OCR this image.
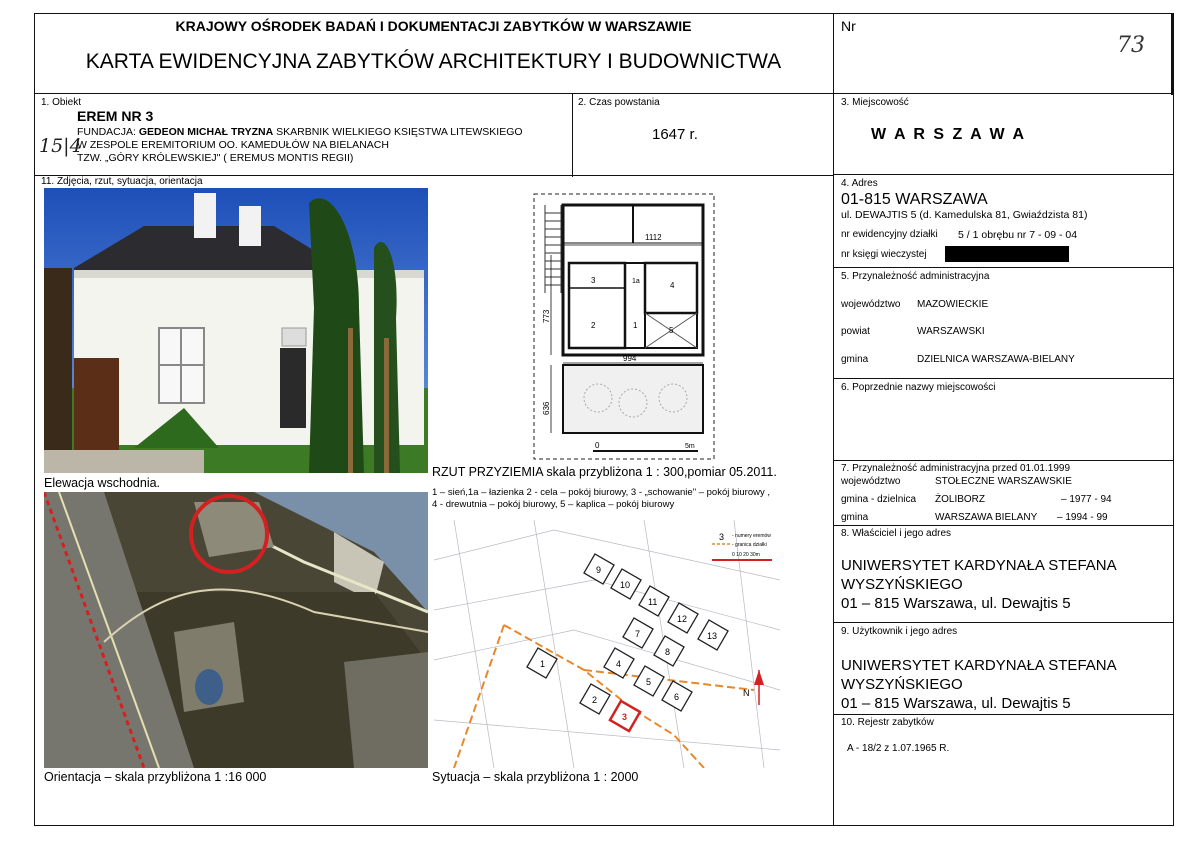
KRAJOWY OŚRODEK BADAŃ I DOKUMENTACJI ZABYTKÓW W WARSZAWIE
KARTA EWIDENCYJNA ZABYTKÓW ARCHITEKTURY I BUDOWNICTWA
Nr
73
1. Obiekt
EREM NR 3
15|4
FUNDACJA: GEDEON MICHAŁ TRYZNA SKARBNIK WIELKIEGO KSIĘSTWA LITEWSKIEGO
W ZESPOLE EREMITORIUM OO. KAMEDUŁÓW NA BIELANACH
TZW. „GÓRY KRÓLEWSKIEJ" ( EREMUS MONTIS REGII)
2. Czas powstania
1647 r.
3. Miejscowość
W A R S Z A W A
4. Adres
01-815 WARSZAWA
ul. DEWAJTIS 5 (d. Kamedulska 81, Gwiaździsta 81)
nr ewidencyjny działki 5 / 1 obrębu nr 7 - 09 - 04
nr księgi wieczystej
5. Przynależność administracyjna
województwo MAZOWIECKIE
powiat	WARSZAWSKI
gmina	DZIELNICA WARSZAWA-BIELANY
6. Poprzednie nazwy miejscowości
7. Przynależność administracyjna przed 01.01.1999
województwo	STOŁECZNE WARSZAWSKIE
gmina - dzielnica ŻOLIBORZ	– 1977 - 94
gmina	WARSZAWA BIELANY – 1994 - 99
8. Właściciel i jego adres
UNIWERSYTET KARDYNAŁA STEFANA
WYSZYŃSKIEGO
01 – 815 Warszawa, ul. Dewajtis 5
9. Użytkownik i jego adres
UNIWERSYTET KARDYNAŁA STEFANA
WYSZYŃSKIEGO
01 – 815 Warszawa, ul. Dewajtis 5
10. Rejestr zabytków
A - 18/2 z 1.07.1965 R.
11. Zdjęcia, rzut, sytuacja, orientacja
Elewacja wschodnia.
1112
773
994
636
3
2
1a
1
4
5
0	5m
RZUT PRZYZIEMIA skala przybliżona 1 : 300,pomiar 05.2011.
1 – sień,1a – łazienka 2 - cela – pokój biurowy, 3 - „schowanie" – pokój biurowy ,
4 - drewutnia – pokój biurowy, 5 – kaplica – pokój biurowy
Orientacja – skala przybliżona 1 :16 000
1
2
3
4
5
6
7
8
9
10
11
12
13
3 - numery eremów
- granica działki
0 10 20 30m
N
Sytuacja – skala przybliżona 1 : 2000
